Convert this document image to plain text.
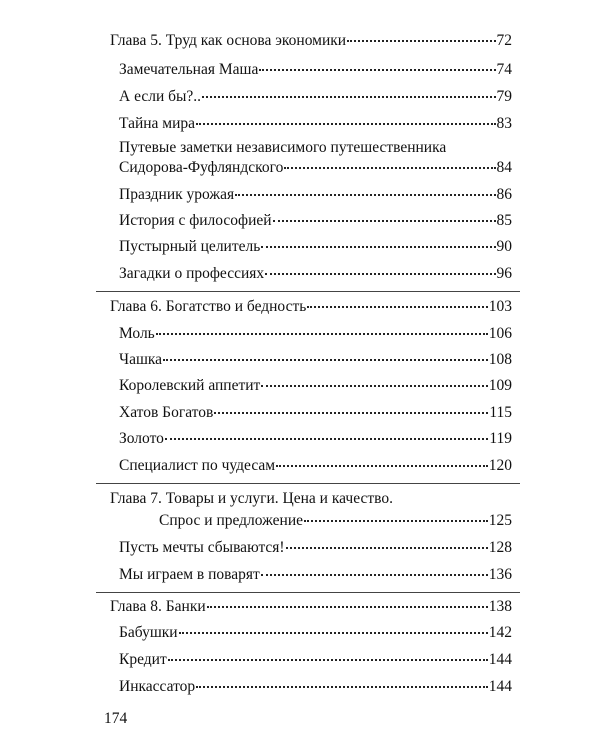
Глава 5. Труд как основа экономики	72
Замечательная Маша	74
А если бы?..	79
Тайна мира	83
Путевые заметки независимого путешественника
Сидорова-Фуфляндского	84
Праздник урожая	86
История с философией	85
Пустырный целитель	90
Загадки о профессиях	96
Глава 6. Богатство и бедность	103
Моль	106
Чашка	108
Королевский аппетит	109
Хатов Богатов	115
Золото	119
Специалист по чудесам	120
Глава 7. Товары и услуги. Цена и качество.
Спрос и предложение	125
Пусть мечты сбываются!	128
Мы играем в поварят	136
Глава 8. Банки	138
Бабушки	142
Кредит	144
Инкассатор	144
174
